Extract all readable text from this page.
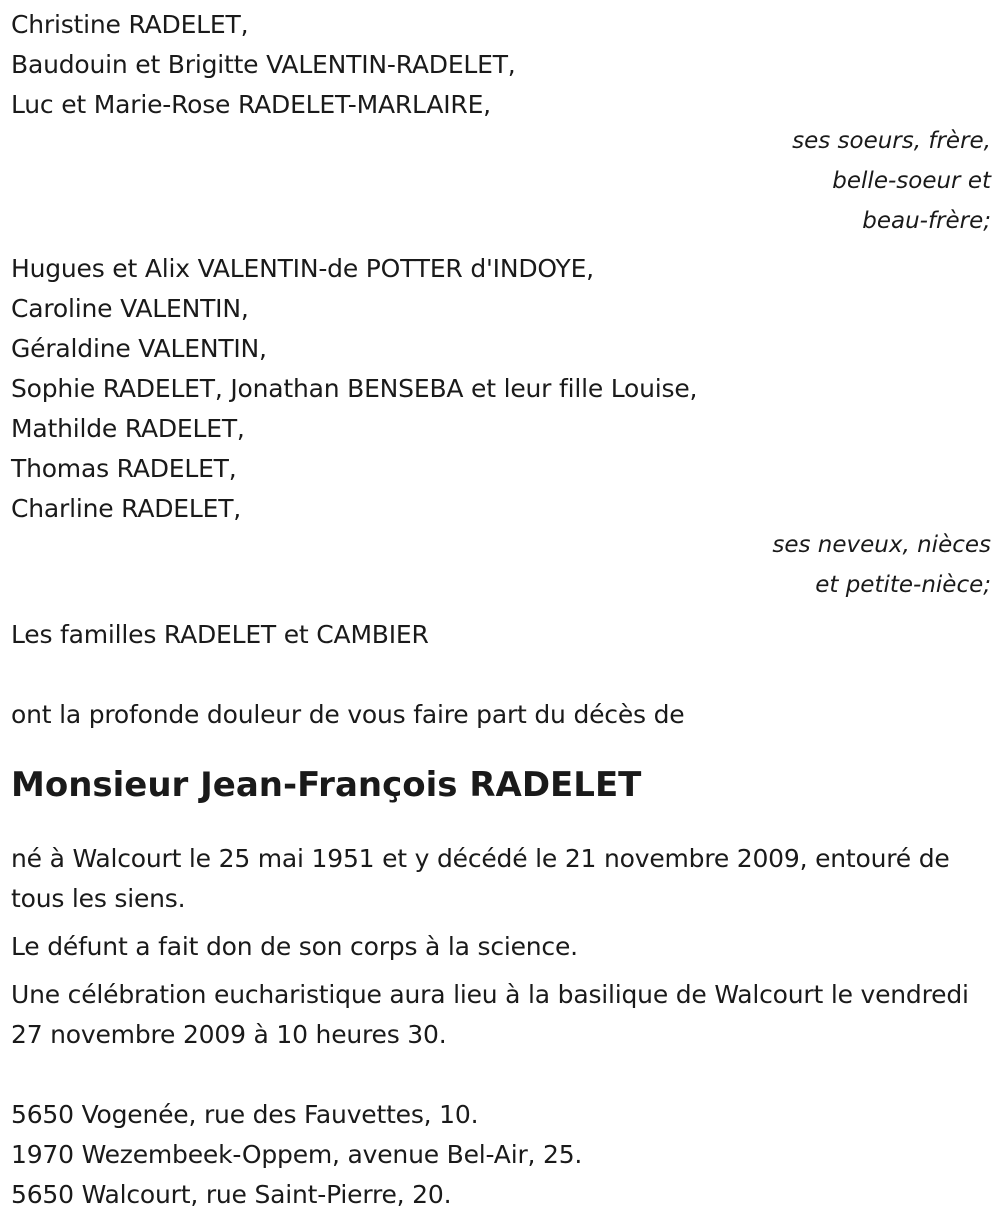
Christine RADELET,
Baudouin et Brigitte VALENTIN-RADELET,
Luc et Marie-Rose RADELET-MARLAIRE,
ses soeurs, frère,
belle-soeur et
beau-frère;
Hugues et Alix VALENTIN-de POTTER d'INDOYE,
Caroline VALENTIN,
Géraldine VALENTIN,
Sophie RADELET, Jonathan BENSEBA et leur fille Louise,
Mathilde RADELET,
Thomas RADELET,
Charline RADELET,
ses neveux, nièces
et petite-nièce;
Les familles RADELET et CAMBIER
ont la profonde douleur de vous faire part du décès de
Monsieur Jean-François RADELET
né à Walcourt le 25 mai 1951 et y décédé le 21 novembre 2009, entouré de tous les siens.
Le défunt a fait don de son corps à la science.
Une célébration eucharistique aura lieu à la basilique de Walcourt le vendredi 27 novembre 2009 à 10 heures 30.
5650 Vogenée, rue des Fauvettes, 10.
1970 Wezembeek-Oppem, avenue Bel-Air, 25.
5650 Walcourt, rue Saint-Pierre, 20.
